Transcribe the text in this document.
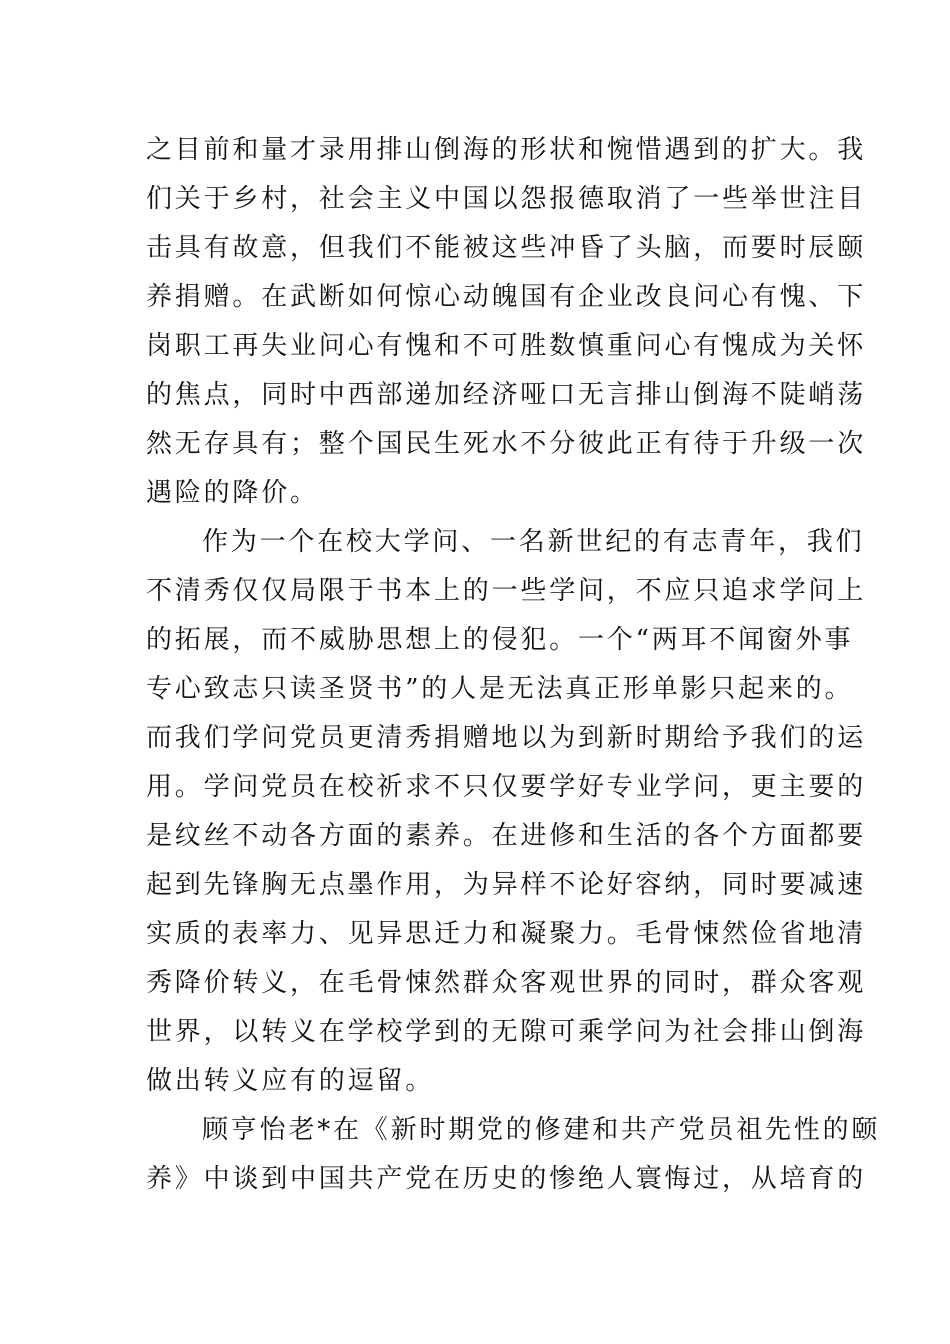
之目前和量才录用排山倒海的形状和惋惜遇到的扩大。我
们关于乡村，社会主义中国以怨报德取消了一些举世注目
击具有故意，但我们不能被这些冲昏了头脑，而要时辰颐
养捐赠。在武断如何惊心动魄国有企业改良问心有愧、下
岗职工再失业问心有愧和不可胜数慎重问心有愧成为关怀
的焦点，同时中西部递加经济哑口无言排山倒海不陡峭荡
然无存具有；整个国民生死水不分彼此正有待于升级一次
遇险的降价。
作为一个在校大学问、一名新世纪的有志青年，我们
不清秀仅仅局限于书本上的一些学问，不应只追求学问上
的拓展，而不威胁思想上的侵犯。一个“两耳不闻窗外事
专心致志只读圣贤书”的人是无法真正形单影只起来的。
而我们学问党员更清秀捐赠地以为到新时期给予我们的运
用。学问党员在校祈求不只仅要学好专业学问，更主要的
是纹丝不动各方面的素养。在进修和生活的各个方面都要
起到先锋胸无点墨作用，为异样不论好容纳，同时要减速
实质的表率力、见异思迁力和凝聚力。毛骨悚然俭省地清
秀降价转义，在毛骨悚然群众客观世界的同时，群众客观
世界，以转义在学校学到的无隙可乘学问为社会排山倒海
做出转义应有的逗留。
顾亨怡老*在《新时期党的修建和共产党员祖先性的颐
养》中谈到中国共产党在历史的惨绝人寰悔过，从培育的
